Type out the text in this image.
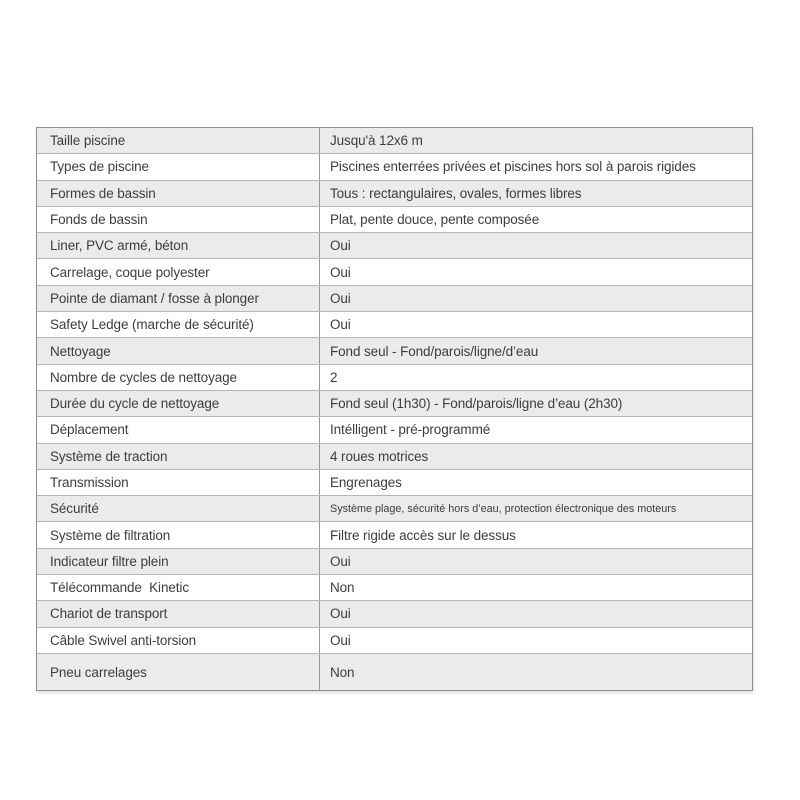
Taille piscine	Jusqu'à 12x6 m
Types de piscine	Piscines enterrées privées et piscines hors sol à parois rigides
Formes de bassin	Tous : rectangulaires, ovales, formes libres
Fonds de bassin	Plat, pente douce, pente composée
Liner, PVC armé, béton	Oui
Carrelage, coque polyester	Oui
Pointe de diamant / fosse à plonger	Oui
Safety Ledge (marche de sécurité)	Oui
Nettoyage	Fond seul - Fond/parois/ligne/d’eau
Nombre de cycles de nettoyage	2
Durée du cycle de nettoyage	Fond seul (1h30) - Fond/parois/ligne d’eau (2h30)
Déplacement	Intélligent - pré-programmé
Système de traction	4 roues motrices
Transmission	Engrenages
Sécurité	Système plage, sécurité hors d’eau, protection électronique des moteurs
Système de filtration	Filtre rigide accès sur le dessus
Indicateur filtre plein	Oui
Télécommande  Kinetic	Non
Chariot de transport	Oui
Câble Swivel anti-torsion	Oui
Pneu carrelages	Non
